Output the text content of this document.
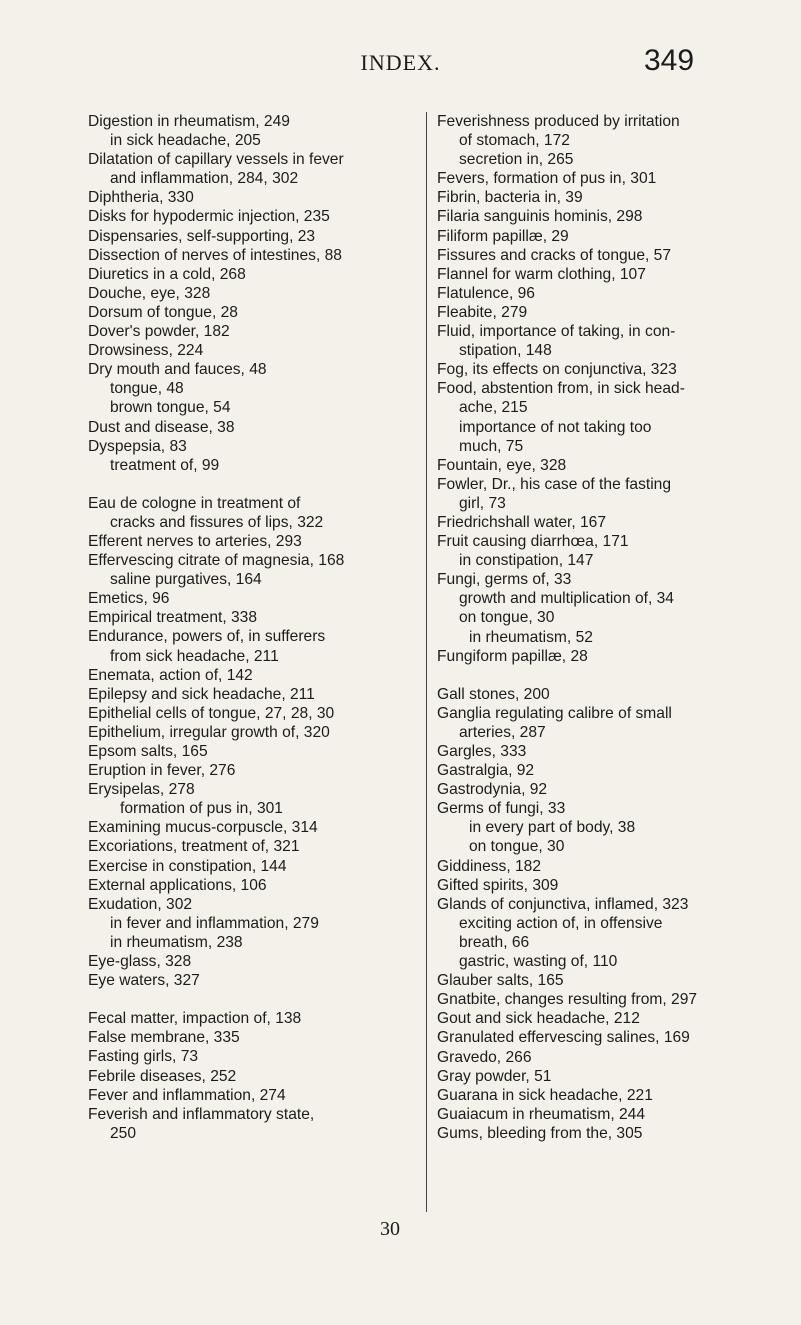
INDEX.	349
Digestion in rheumatism, 249
in sick headache, 205
Dilatation of capillary vessels in fever
and inflammation, 284, 302
Diphtheria, 330
Disks for hypodermic injection, 235
Dispensaries, self-supporting, 23
Dissection of nerves of intestines, 88
Diuretics in a cold, 268
Douche, eye, 328
Dorsum of tongue, 28
Dover's powder, 182
Drowsiness, 224
Dry mouth and fauces, 48
tongue, 48
brown tongue, 54
Dust and disease, 38
Dyspepsia, 83
treatment of, 99
Eau de cologne in treatment of
cracks and fissures of lips, 322
Efferent nerves to arteries, 293
Effervescing citrate of magnesia, 168
saline purgatives, 164
Emetics, 96
Empirical treatment, 338
Endurance, powers of, in sufferers
from sick headache, 211
Enemata, action of, 142
Epilepsy and sick headache, 211
Epithelial cells of tongue, 27, 28, 30
Epithelium, irregular growth of, 320
Epsom salts, 165
Eruption in fever, 276
Erysipelas, 278
formation of pus in, 301
Examining mucus-corpuscle, 314
Excoriations, treatment of, 321
Exercise in constipation, 144
External applications, 106
Exudation, 302
in fever and inflammation, 279
in rheumatism, 238
Eye-glass, 328
Eye waters, 327
Fecal matter, impaction of, 138
False membrane, 335
Fasting girls, 73
Febrile diseases, 252
Fever and inflammation, 274
Feverish and inflammatory state,
250
Feverishness produced by irritation
of stomach, 172
secretion in, 265
Fevers, formation of pus in, 301
Fibrin, bacteria in, 39
Filaria sanguinis hominis, 298
Filiform papillæ, 29
Fissures and cracks of tongue, 57
Flannel for warm clothing, 107
Flatulence, 96
Fleabite, 279
Fluid, importance of taking, in con-
stipation, 148
Fog, its effects on conjunctiva, 323
Food, abstention from, in sick head-
ache, 215
importance of not taking too
much, 75
Fountain, eye, 328
Fowler, Dr., his case of the fasting
girl, 73
Friedrichshall water, 167
Fruit causing diarrhœa, 171
in constipation, 147
Fungi, germs of, 33
growth and multiplication of, 34
on tongue, 30
in rheumatism, 52
Fungiform papillæ, 28
Gall stones, 200
Ganglia regulating calibre of small
arteries, 287
Gargles, 333
Gastralgia, 92
Gastrodynia, 92
Germs of fungi, 33
in every part of body, 38
on tongue, 30
Giddiness, 182
Gifted spirits, 309
Glands of conjunctiva, inflamed, 323
exciting action of, in offensive
breath, 66
gastric, wasting of, 110
Glauber salts, 165
Gnatbite, changes resulting from, 297
Gout and sick headache, 212
Granulated effervescing salines, 169
Gravedo, 266
Gray powder, 51
Guarana in sick headache, 221
Guaiacum in rheumatism, 244
Gums, bleeding from the, 305
30
